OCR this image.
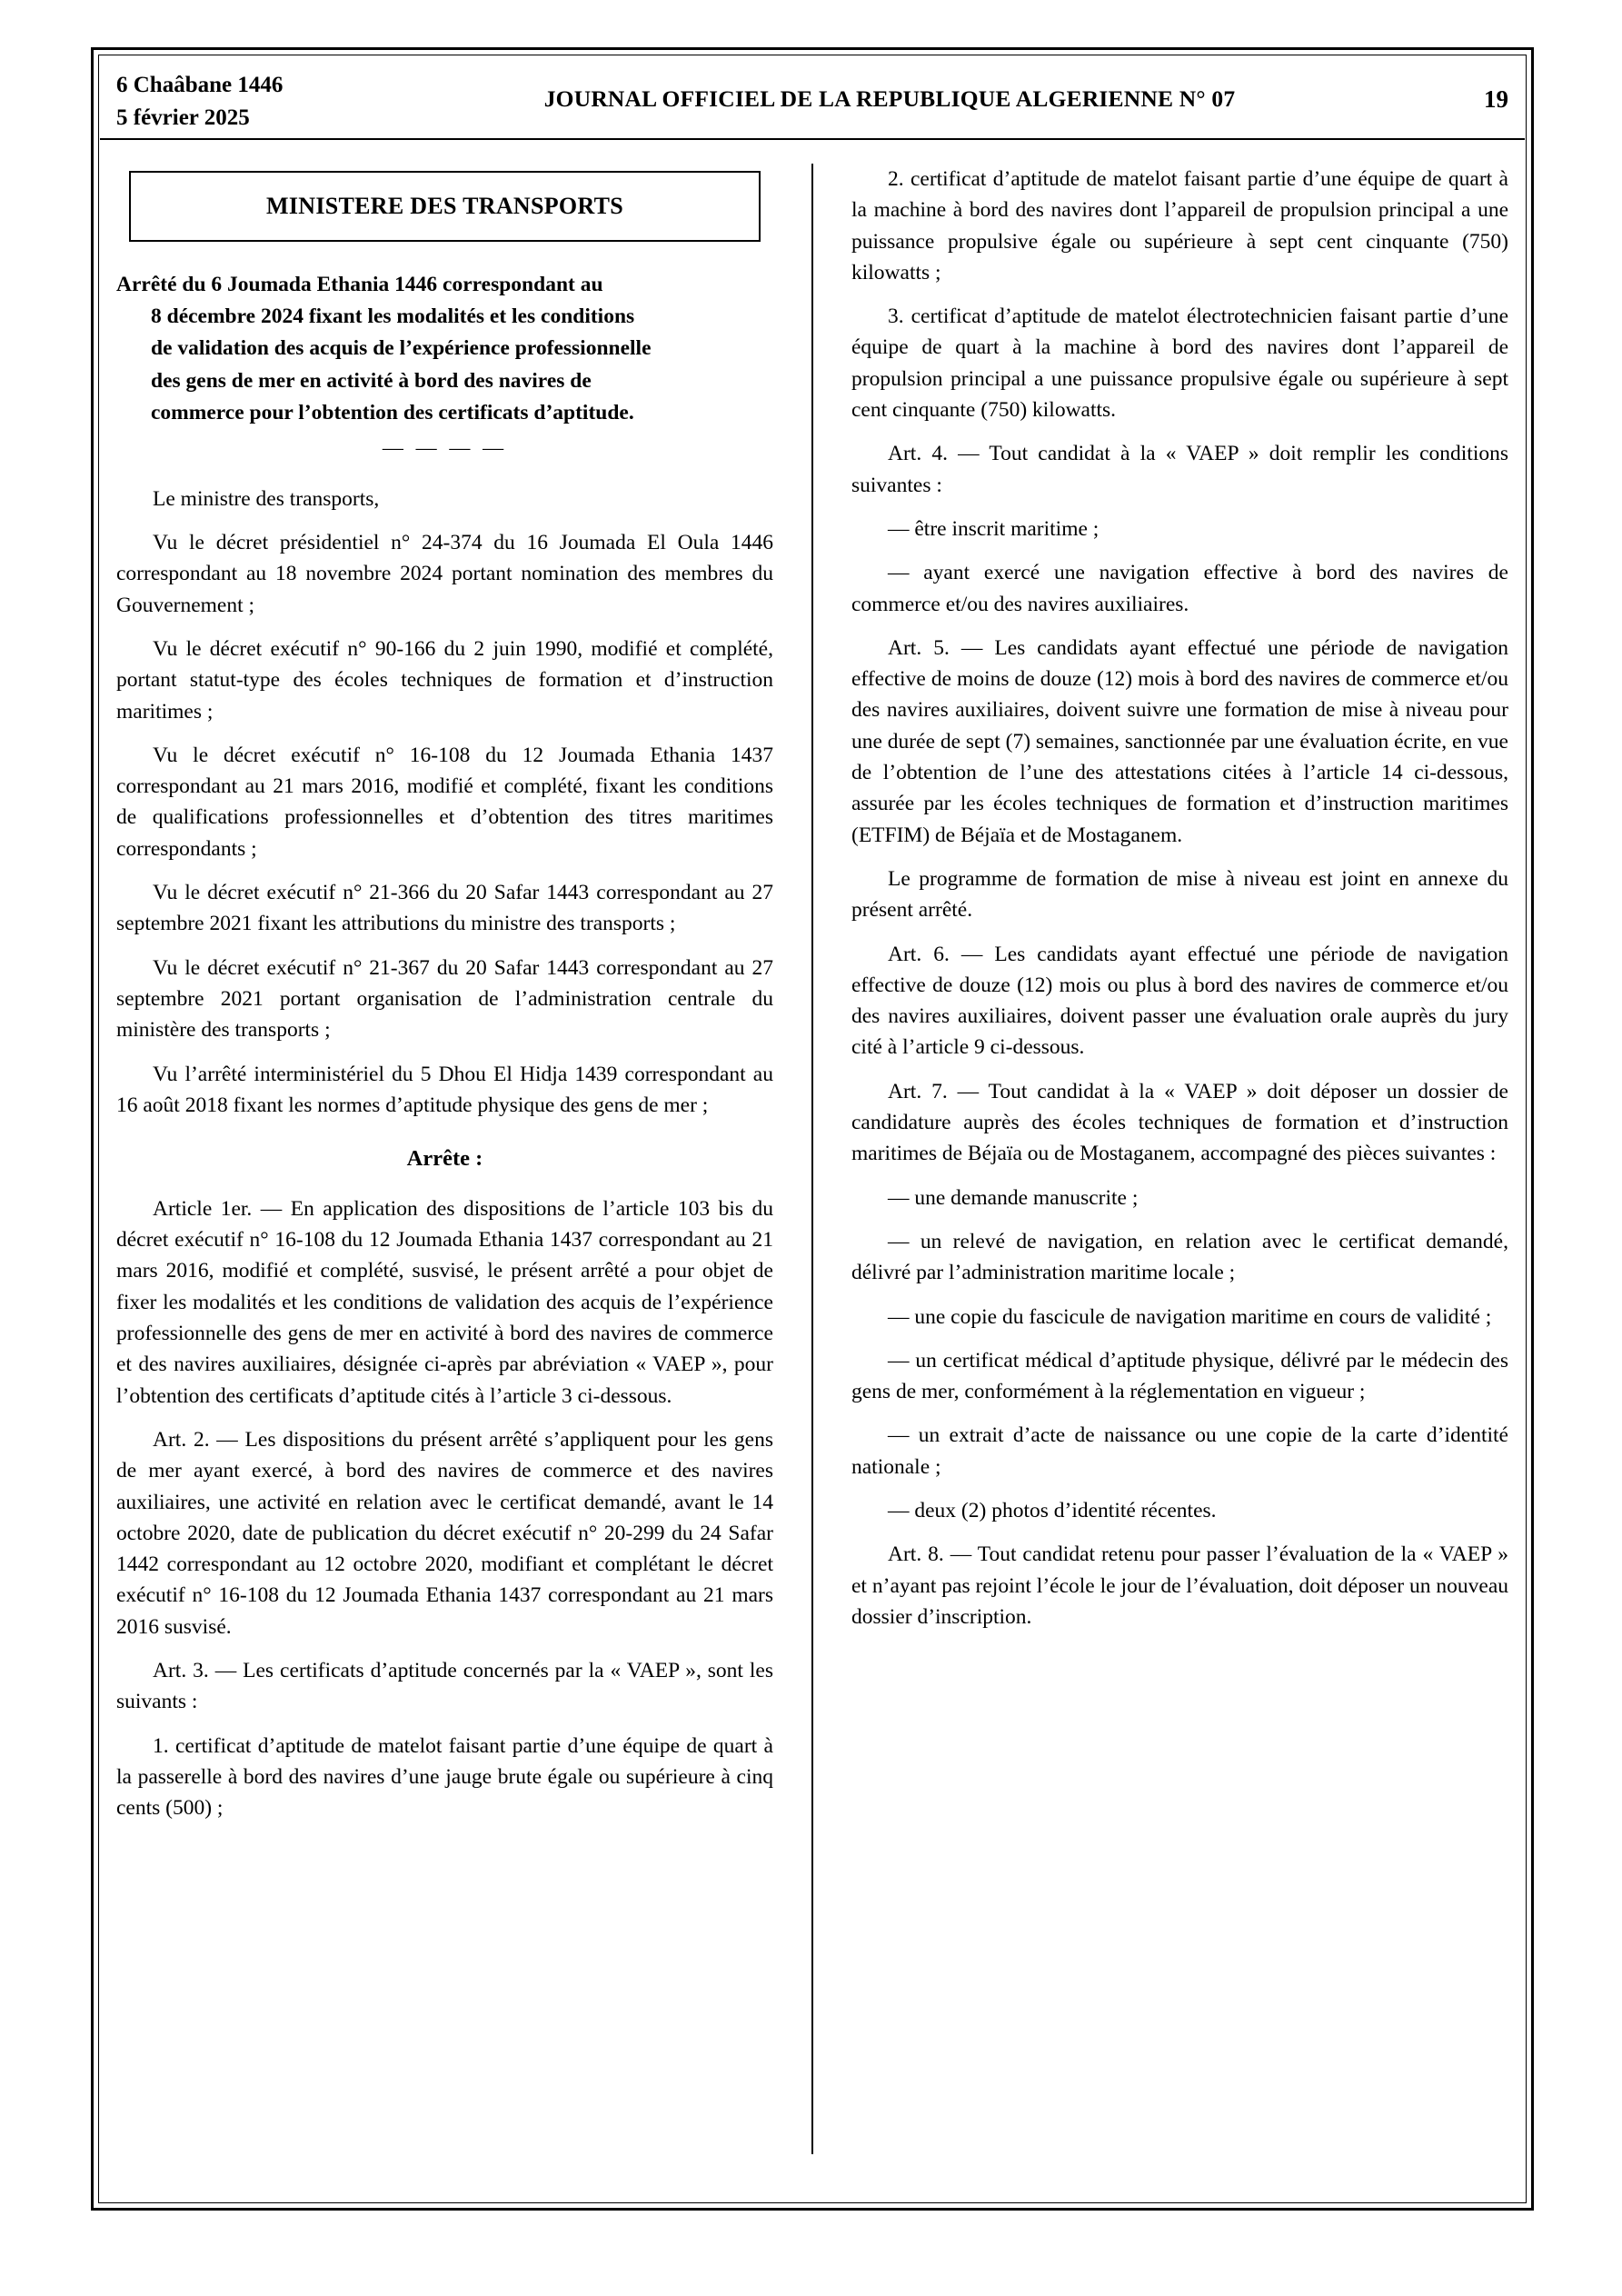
6 Chaâbane 1446
5 février 2025
JOURNAL OFFICIEL DE LA REPUBLIQUE ALGERIENNE N° 07	19
MINISTERE DES TRANSPORTS

Arrêté du 6 Joumada Ethania 1446 correspondant au

8 décembre 2024 fixant les modalités et les conditions

de validation des acquis de l’expérience professionnelle

des gens de mer en activité à bord des navires de

commerce pour l’obtention des certificats d’aptitude.

— — — —

Le ministre des transports,

Vu le décret présidentiel n° 24-374 du 16 Joumada El Oula 1446 correspondant au 18 novembre 2024 portant nomination des membres du Gouvernement ;

Vu le décret exécutif n° 90-166 du 2 juin 1990, modifié et complété, portant statut-type des écoles techniques de formation et d’instruction maritimes ;

Vu le décret exécutif n° 16-108 du 12 Joumada Ethania 1437 correspondant au 21 mars 2016, modifié et complété, fixant les conditions de qualifications professionnelles et d’obtention des titres maritimes correspondants ;

Vu le décret exécutif n° 21-366 du 20 Safar 1443 correspondant au 27 septembre 2021 fixant les attributions du ministre des transports ;

Vu le décret exécutif n° 21-367 du 20 Safar 1443 correspondant au 27 septembre 2021 portant organisation de l’administration centrale du ministère des transports ;

Vu l’arrêté interministériel du 5 Dhou El Hidja 1439 correspondant au 16 août 2018 fixant les normes d’aptitude physique des gens de mer ;

Arrête :

Article 1er. — En application des dispositions de l’article 103 bis du décret exécutif n° 16-108 du 12 Joumada Ethania 1437 correspondant au 21 mars 2016, modifié et complété, susvisé, le présent arrêté a pour objet de fixer les modalités et les conditions de validation des acquis de l’expérience professionnelle des gens de mer en activité à bord des navires de commerce et des navires auxiliaires, désignée ci-après par abréviation « VAEP », pour l’obtention des certificats d’aptitude cités à l’article 3 ci-dessous.

Art. 2. — Les dispositions du présent arrêté s’appliquent pour les gens de mer ayant exercé, à bord des navires de commerce et des navires auxiliaires, une activité en relation avec le certificat demandé, avant le 14 octobre 2020, date de publication du décret exécutif n° 20-299 du 24 Safar 1442 correspondant au 12 octobre 2020, modifiant et complétant le décret exécutif n° 16-108 du 12 Joumada Ethania 1437 correspondant au 21 mars 2016 susvisé.

Art. 3. — Les certificats d’aptitude concernés par la « VAEP », sont les suivants :

1. certificat d’aptitude de matelot faisant partie d’une équipe de quart à la passerelle à bord des navires d’une jauge brute égale ou supérieure à cinq cents (500) ;

2. certificat d’aptitude de matelot faisant partie d’une équipe de quart à la machine à bord des navires dont l’appareil de propulsion principal a une puissance propulsive égale ou supérieure à sept cent cinquante (750) kilowatts ;

3. certificat d’aptitude de matelot électrotechnicien faisant partie d’une équipe de quart à la machine à bord des navires dont l’appareil de propulsion principal a une puissance propulsive égale ou supérieure à sept cent cinquante (750) kilowatts.

Art. 4. — Tout candidat à la « VAEP » doit remplir les conditions suivantes :

— être inscrit maritime ;

— ayant exercé une navigation effective à bord des navires de commerce et/ou des navires auxiliaires.

Art. 5. — Les candidats ayant effectué une période de navigation effective de moins de douze (12) mois à bord des navires de commerce et/ou des navires auxiliaires, doivent suivre une formation de mise à niveau pour une durée de sept (7) semaines, sanctionnée par une évaluation écrite, en vue de l’obtention de l’une des attestations citées à l’article 14 ci-dessous, assurée par les écoles techniques de formation et d’instruction maritimes (ETFIM) de Béjaïa et de Mostaganem.

Le programme de formation de mise à niveau est joint en annexe du présent arrêté.

Art. 6. — Les candidats ayant effectué une période de navigation effective de douze (12) mois ou plus à bord des navires de commerce et/ou des navires auxiliaires, doivent passer une évaluation orale auprès du jury cité à l’article 9 ci-dessous.

Art. 7. — Tout candidat à la « VAEP » doit déposer un dossier de candidature auprès des écoles techniques de formation et d’instruction maritimes de Béjaïa ou de Mostaganem, accompagné des pièces suivantes :

— une demande manuscrite ;

— un relevé de navigation, en relation avec le certificat demandé, délivré par l’administration maritime locale ;

— une copie du fascicule de navigation maritime en cours de validité ;

— un certificat médical d’aptitude physique, délivré par le médecin des gens de mer, conformément à la réglementation en vigueur ;

— un extrait d’acte de naissance ou une copie de la carte d’identité nationale ;

— deux (2) photos d’identité récentes.

Art. 8. — Tout candidat retenu pour passer l’évaluation de la « VAEP » et n’ayant pas rejoint l’école le jour de l’évaluation, doit déposer un nouveau dossier d’inscription.
